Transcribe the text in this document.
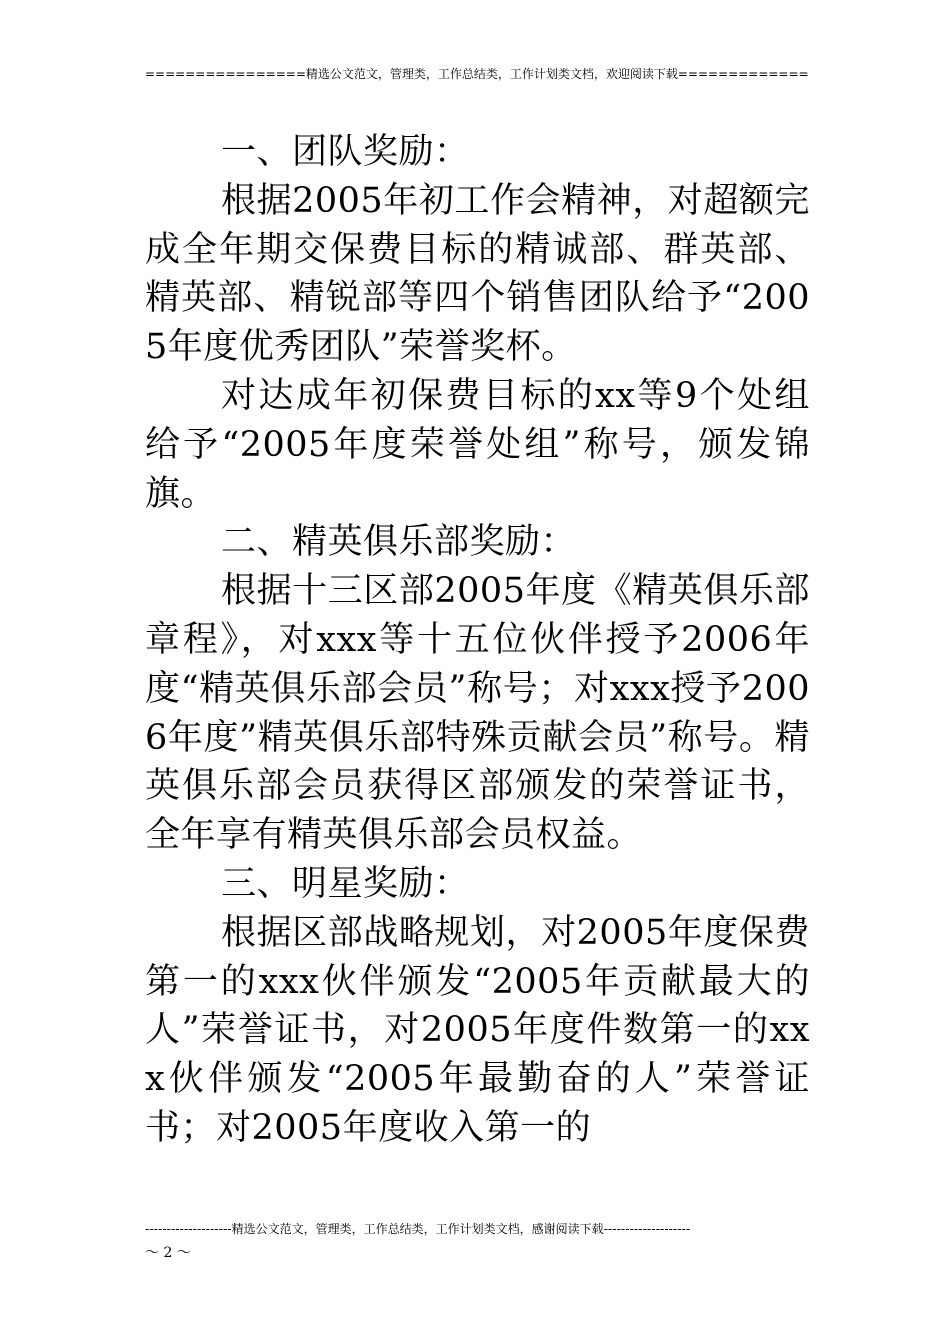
================精选公文范文，管理类，工作总结类，工作计划类文档，欢迎阅读下载=============

一、团队奖励：

根据2005年初工作会精神，对超额完成全年期交保费目标的精诚部、群英部、精英部、精锐部等四个销售团队给予“2005年度优秀团队”荣誉奖杯。

对达成年初保费目标的xx等9个处组给予“2005年度荣誉处组”称号，颁发锦旗。

二、精英俱乐部奖励：

根据十三区部2005年度《精英俱乐部章程》，对xxx等十五位伙伴授予2006年度“精英俱乐部会员”称号；对xxx授予2006年度”精英俱乐部特殊贡献会员”称号。精英俱乐部会员获得区部颁发的荣誉证书，全年享有精英俱乐部会员权益。

三、明星奖励：

根据区部战略规划，对2005年度保费第一的xxx伙伴颁发“2005年贡献最大的人”荣誉证书，对2005年度件数第一的xxx伙伴颁发“2005年最勤奋的人”荣誉证书；对2005年度收入第一的

--------------------精选公文范文，管理类，工作总结类，工作计划类文档，感谢阅读下载--------------------
～ 2 ～
